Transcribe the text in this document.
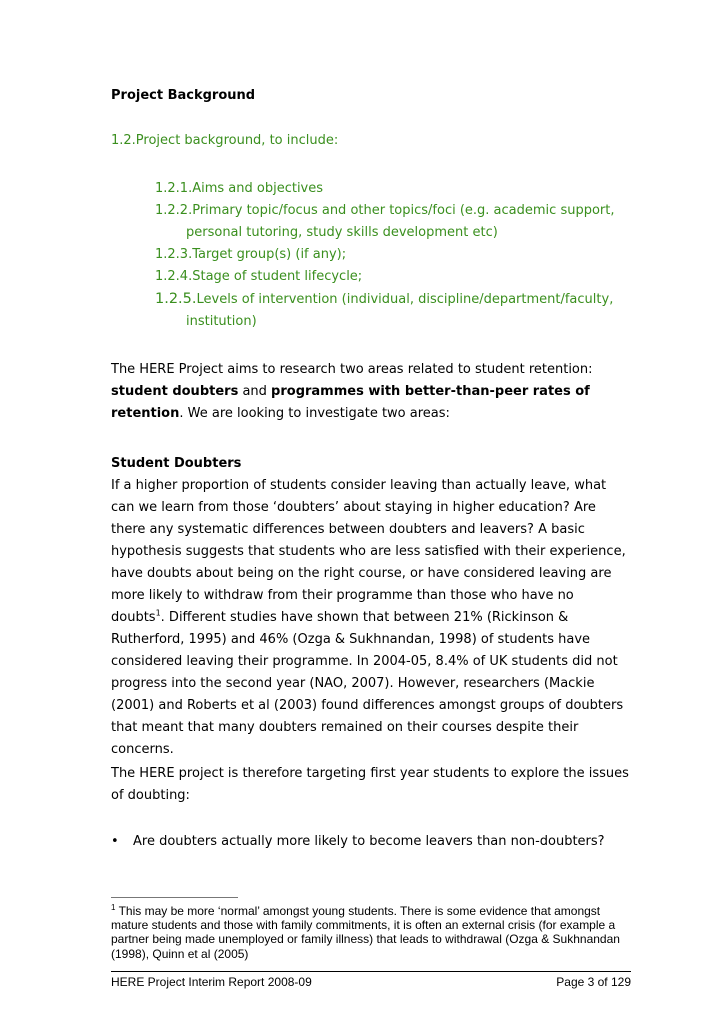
Project Background
1.2.Project background, to include:

1.2.1.Aims and objectives

1.2.2.Primary topic/focus and other topics/foci (e.g. academic support,
personal tutoring, study skills development etc)

1.2.3.Target group(s) (if any);

1.2.4.Stage of student lifecycle;

1.2.5.Levels of intervention (individual, discipline/department/faculty,
institution)

The HERE Project aims to research two areas related to student retention: student doubters and programmes with better-than-peer rates of retention. We are looking to investigate two areas:
Student Doubters
If a higher proportion of students consider leaving than actually leave, what can we learn from those ‘doubters’ about staying in higher education? Are there any systematic differences between doubters and leavers? A basic hypothesis suggests that students who are less satisfied with their experience, have doubts about being on the right course, or have considered leaving are more likely to withdraw from their programme than those who have no doubts$^1$. Different studies have shown that between 21% (Rickinson & Rutherford, 1995) and 46% (Ozga & Sukhnandan, 1998) of students have considered leaving their programme. In 2004-05, 8.4% of UK students did not progress into the second year (NAO, 2007). However, researchers (Mackie (2001) and Roberts et al (2003) found differences amongst groups of doubters that meant that many doubters remained on their courses despite their concerns.
The HERE project is therefore targeting first year students to explore the issues of doubting:
•	Are doubters actually more likely to become leavers than non-doubters?
$^1$ This may be more ‘normal’ amongst young students. There is some evidence that amongst mature students and those with family commitments, it is often an external crisis (for example a partner being made unemployed or family illness) that leads to withdrawal (Ozga & Sukhnandan (1998), Quinn et al (2005)
HERE Project Interim Report 2008-09	Page 3 of 129
